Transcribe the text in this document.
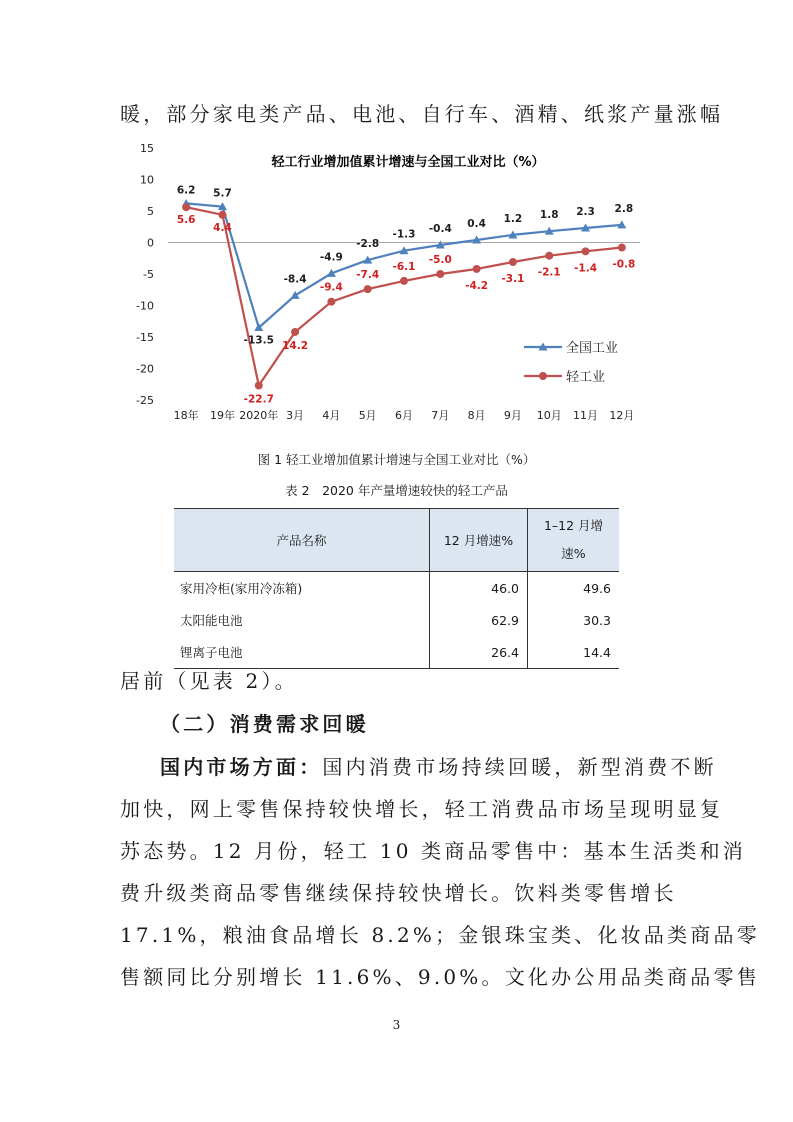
暖，部分家电类产品、电池、自行车、酒精、纸浆产量涨幅
轻工行业增加值累计增速与全国工业对比（%）
15
10
5
0
-5
-10
-15
-20
-25
18年 19年 2020年 3月 4月 5月 6月 7月 8月 9月 10月 11月 12月
6.2 5.7
-13.5
-8.4
-4.9
-2.8
-1.3 -0.4 0.4 1.2 1.8 2.3 2.8
5.6
4.4
-22.7
14.2
-9.4
-7.4
-6.1
-5.0
-4.2
-3.1
-2.1 -1.4 -0.8
全国工业
轻工业
图 1 轻工业增加值累计增速与全国工业对比（%）
表 2　2020 年产量增速较快的轻工产品
产品名称	12 月增速%	1–12 月增
速%

家用冷柜(家用冷冻箱)	46.0	49.6
太阳能电池	62.9	30.3
锂离子电池	26.4	14.4
居前（见表 2）。
（二）消费需求回暖
国内市场方面：国内消费市场持续回暖，新型消费不断
加快，网上零售保持较快增长，轻工消费品市场呈现明显复
苏态势。12 月份，轻工 10 类商品零售中：基本生活类和消
费升级类商品零售继续保持较快增长。饮料类零售增长
17.1%，粮油食品增长 8.2%；金银珠宝类、化妆品类商品零
售额同比分别增长 11.6%、9.0%。文化办公用品类商品零售
3
